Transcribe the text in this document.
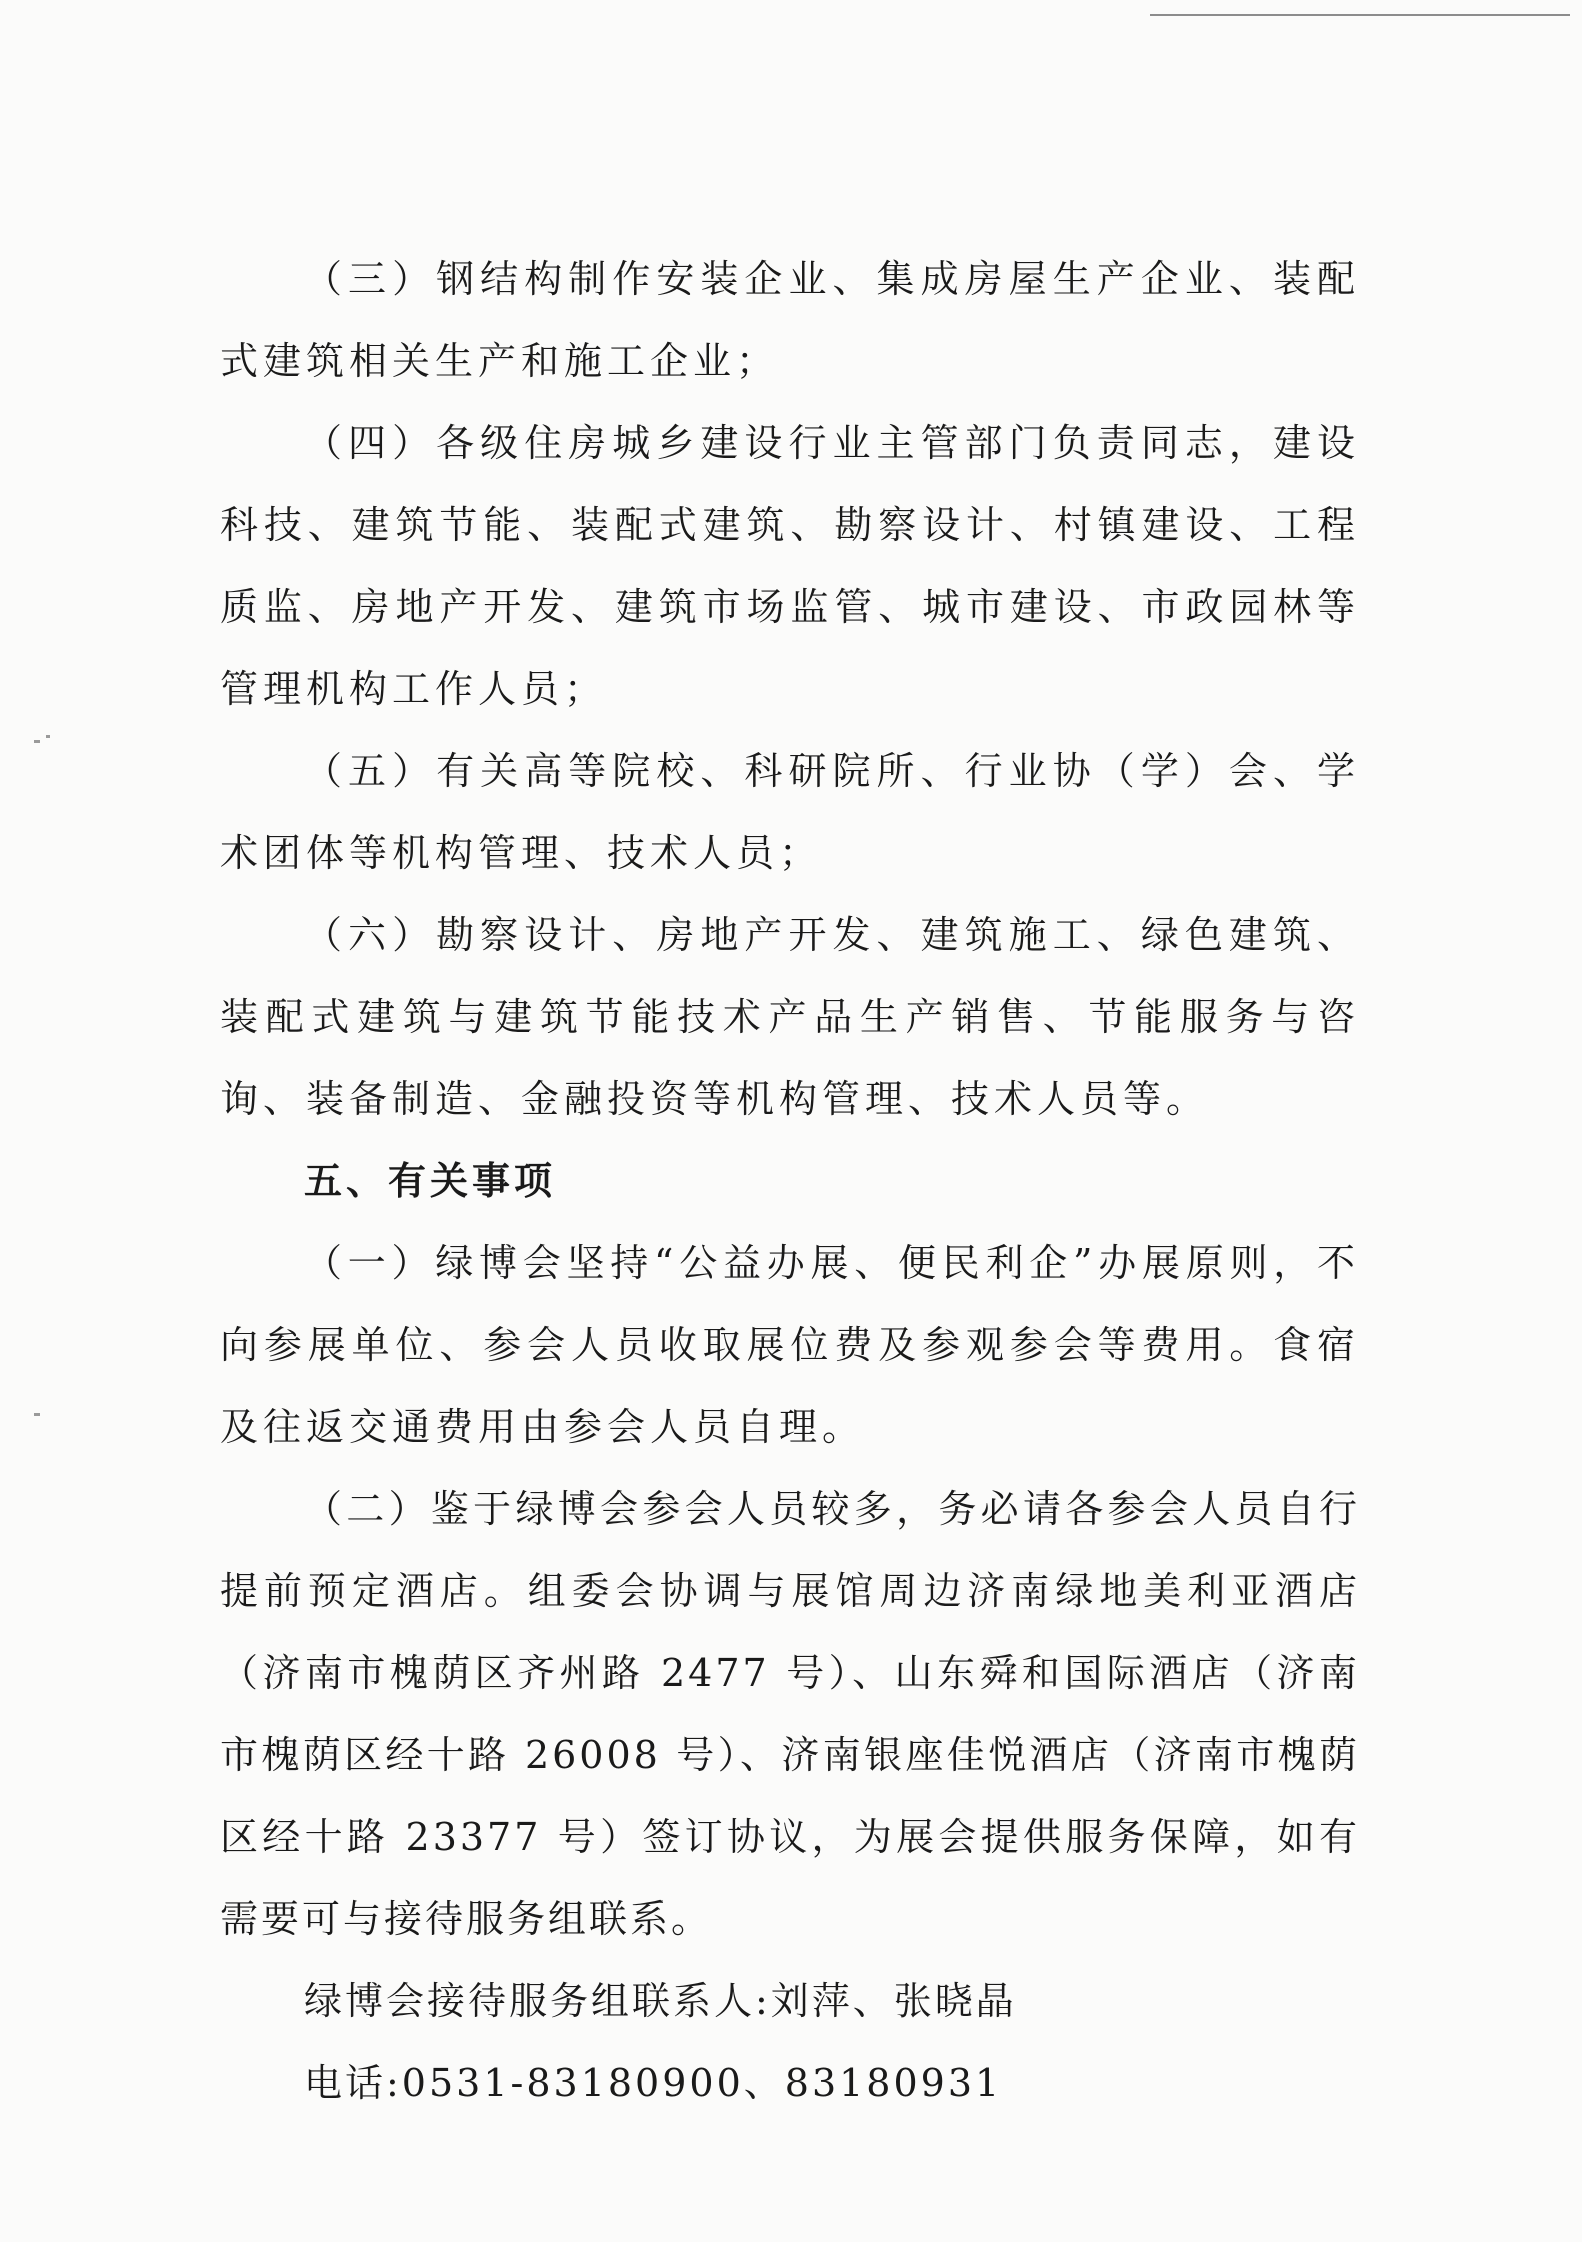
（三）钢结构制作安装企业、集成房屋生产企业、装配式建筑相关生产和施工企业；

（四）各级住房城乡建设行业主管部门负责同志，建设科技、建筑节能、装配式建筑、勘察设计、村镇建设、工程质监、房地产开发、建筑市场监管、城市建设、市政园林等管理机构工作人员；

（五）有关高等院校、科研院所、行业协（学）会、学术团体等机构管理、技术人员；

（六）勘察设计、房地产开发、建筑施工、绿色建筑、装配式建筑与建筑节能技术产品生产销售、节能服务与咨询、装备制造、金融投资等机构管理、技术人员等。

五、有关事项

（一）绿博会坚持“公益办展、便民利企”办展原则，不向参展单位、参会人员收取展位费及参观参会等费用。食宿及往返交通费用由参会人员自理。

（二）鉴于绿博会参会人员较多，务必请各参会人员自行提前预定酒店。组委会协调与展馆周边济南绿地美利亚酒店（济南市槐荫区齐州路 2477 号）、山东舜和国际酒店（济南市槐荫区经十路 26008 号）、济南银座佳悦酒店（济南市槐荫区经十路 23377 号）签订协议，为展会提供服务保障，如有需要可与接待服务组联系。

绿博会接待服务组联系人:刘萍、张晓晶

电话:0531-83180900、83180931
